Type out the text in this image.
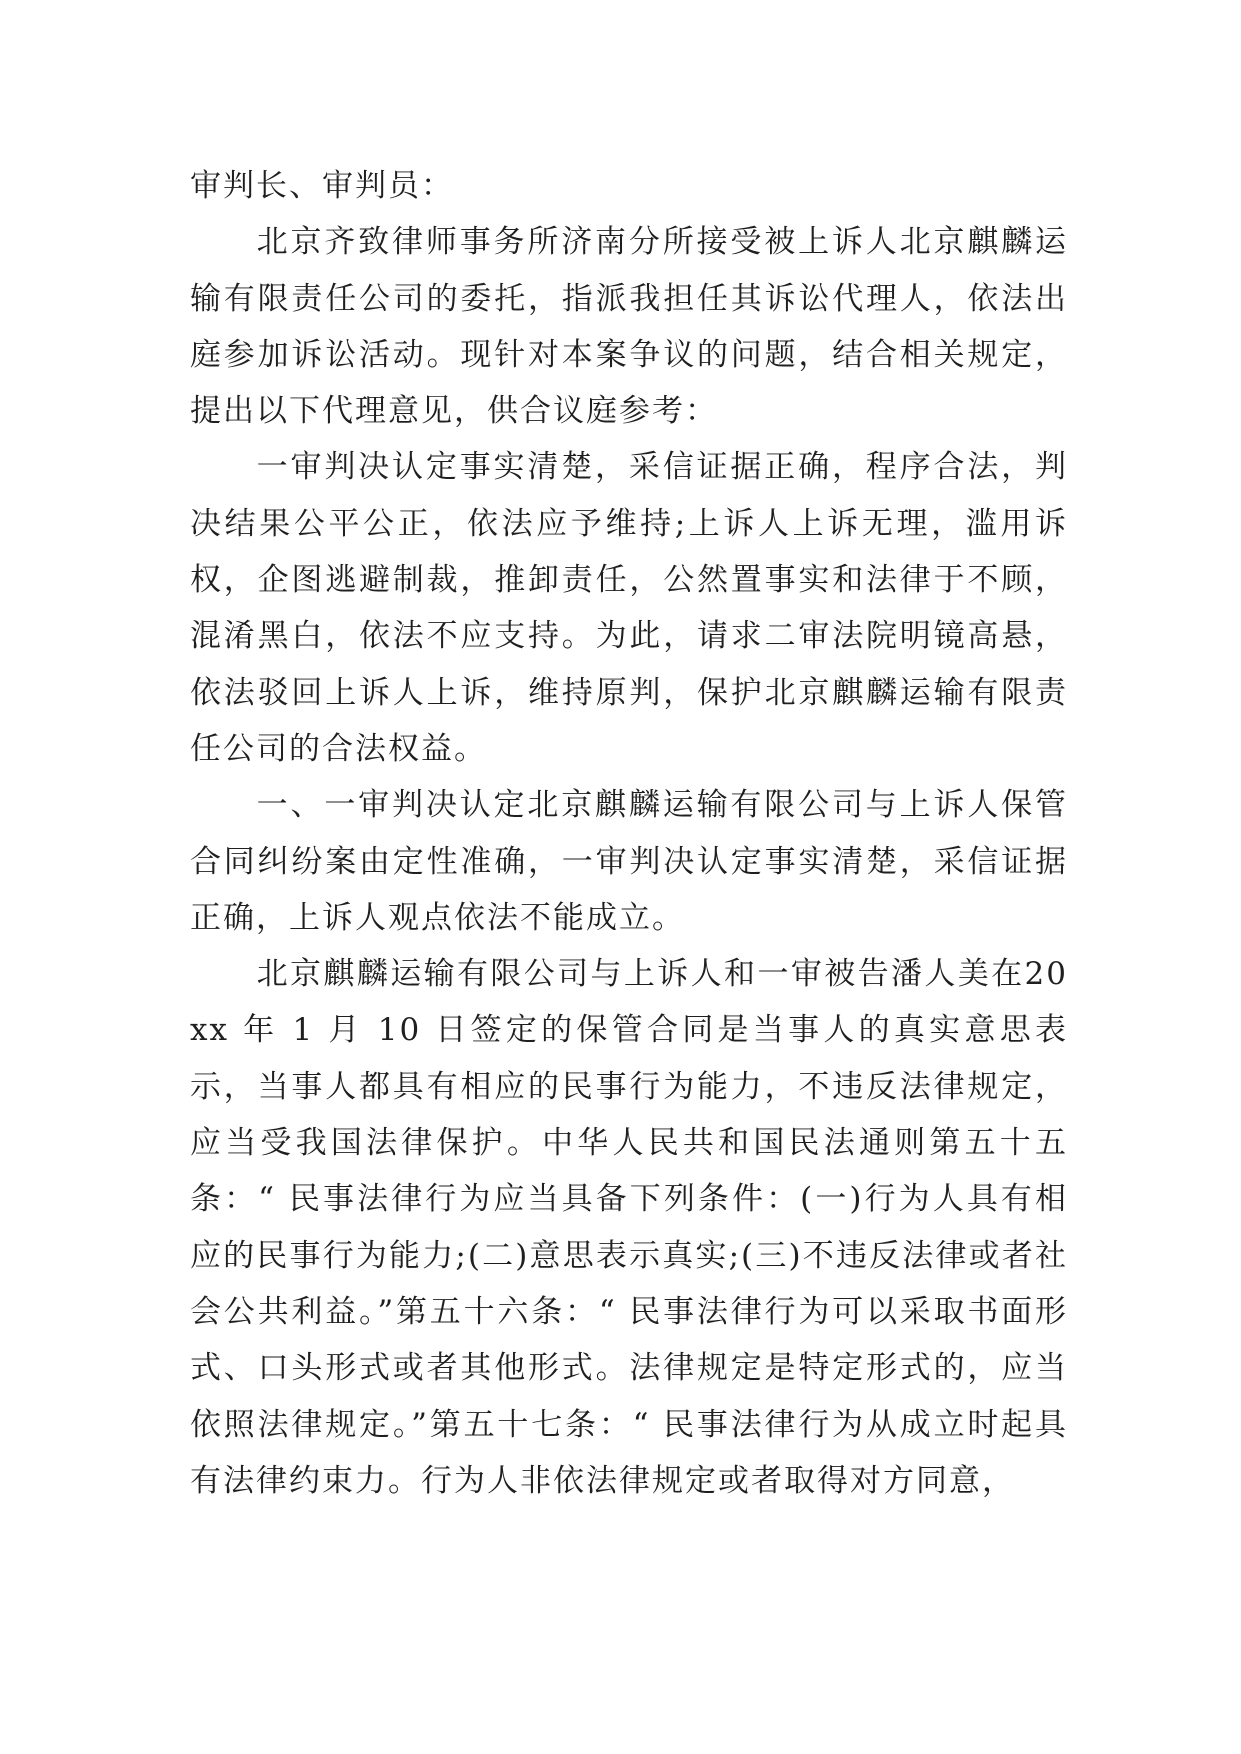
审判长、审判员：

北京齐致律师事务所济南分所接受被上诉人北京麒麟运输有限责任公司的委托，指派我担任其诉讼代理人，依法出庭参加诉讼活动。现针对本案争议的问题，结合相关规定，提出以下代理意见，供合议庭参考：

一审判决认定事实清楚，采信证据正确，程序合法，判决结果公平公正，依法应予维持;上诉人上诉无理，滥用诉权，企图逃避制裁，推卸责任，公然置事实和法律于不顾，混淆黑白，依法不应支持。为此，请求二审法院明镜高悬，依法驳回上诉人上诉，维持原判，保护北京麒麟运输有限责任公司的合法权益。

一、一审判决认定北京麒麟运输有限公司与上诉人保管合同纠纷案由定性准确，一审判决认定事实清楚，采信证据正确，上诉人观点依法不能成立。

北京麒麟运输有限公司与上诉人和一审被告潘人美在20xx 年 1 月 10 日签定的保管合同是当事人的真实意思表示，当事人都具有相应的民事行为能力，不违反法律规定，应当受我国法律保护。中华人民共和国民法通则第五十五条：“ 民事法律行为应当具备下列条件：(一)行为人具有相应的民事行为能力;(二)意思表示真实;(三)不违反法律或者社会公共利益。”第五十六条：“ 民事法律行为可以采取书面形式、口头形式或者其他形式。法律规定是特定形式的，应当依照法律规定。”第五十七条：“ 民事法律行为从成立时起具有法律约束力。行为人非依法律规定或者取得对方同意，
